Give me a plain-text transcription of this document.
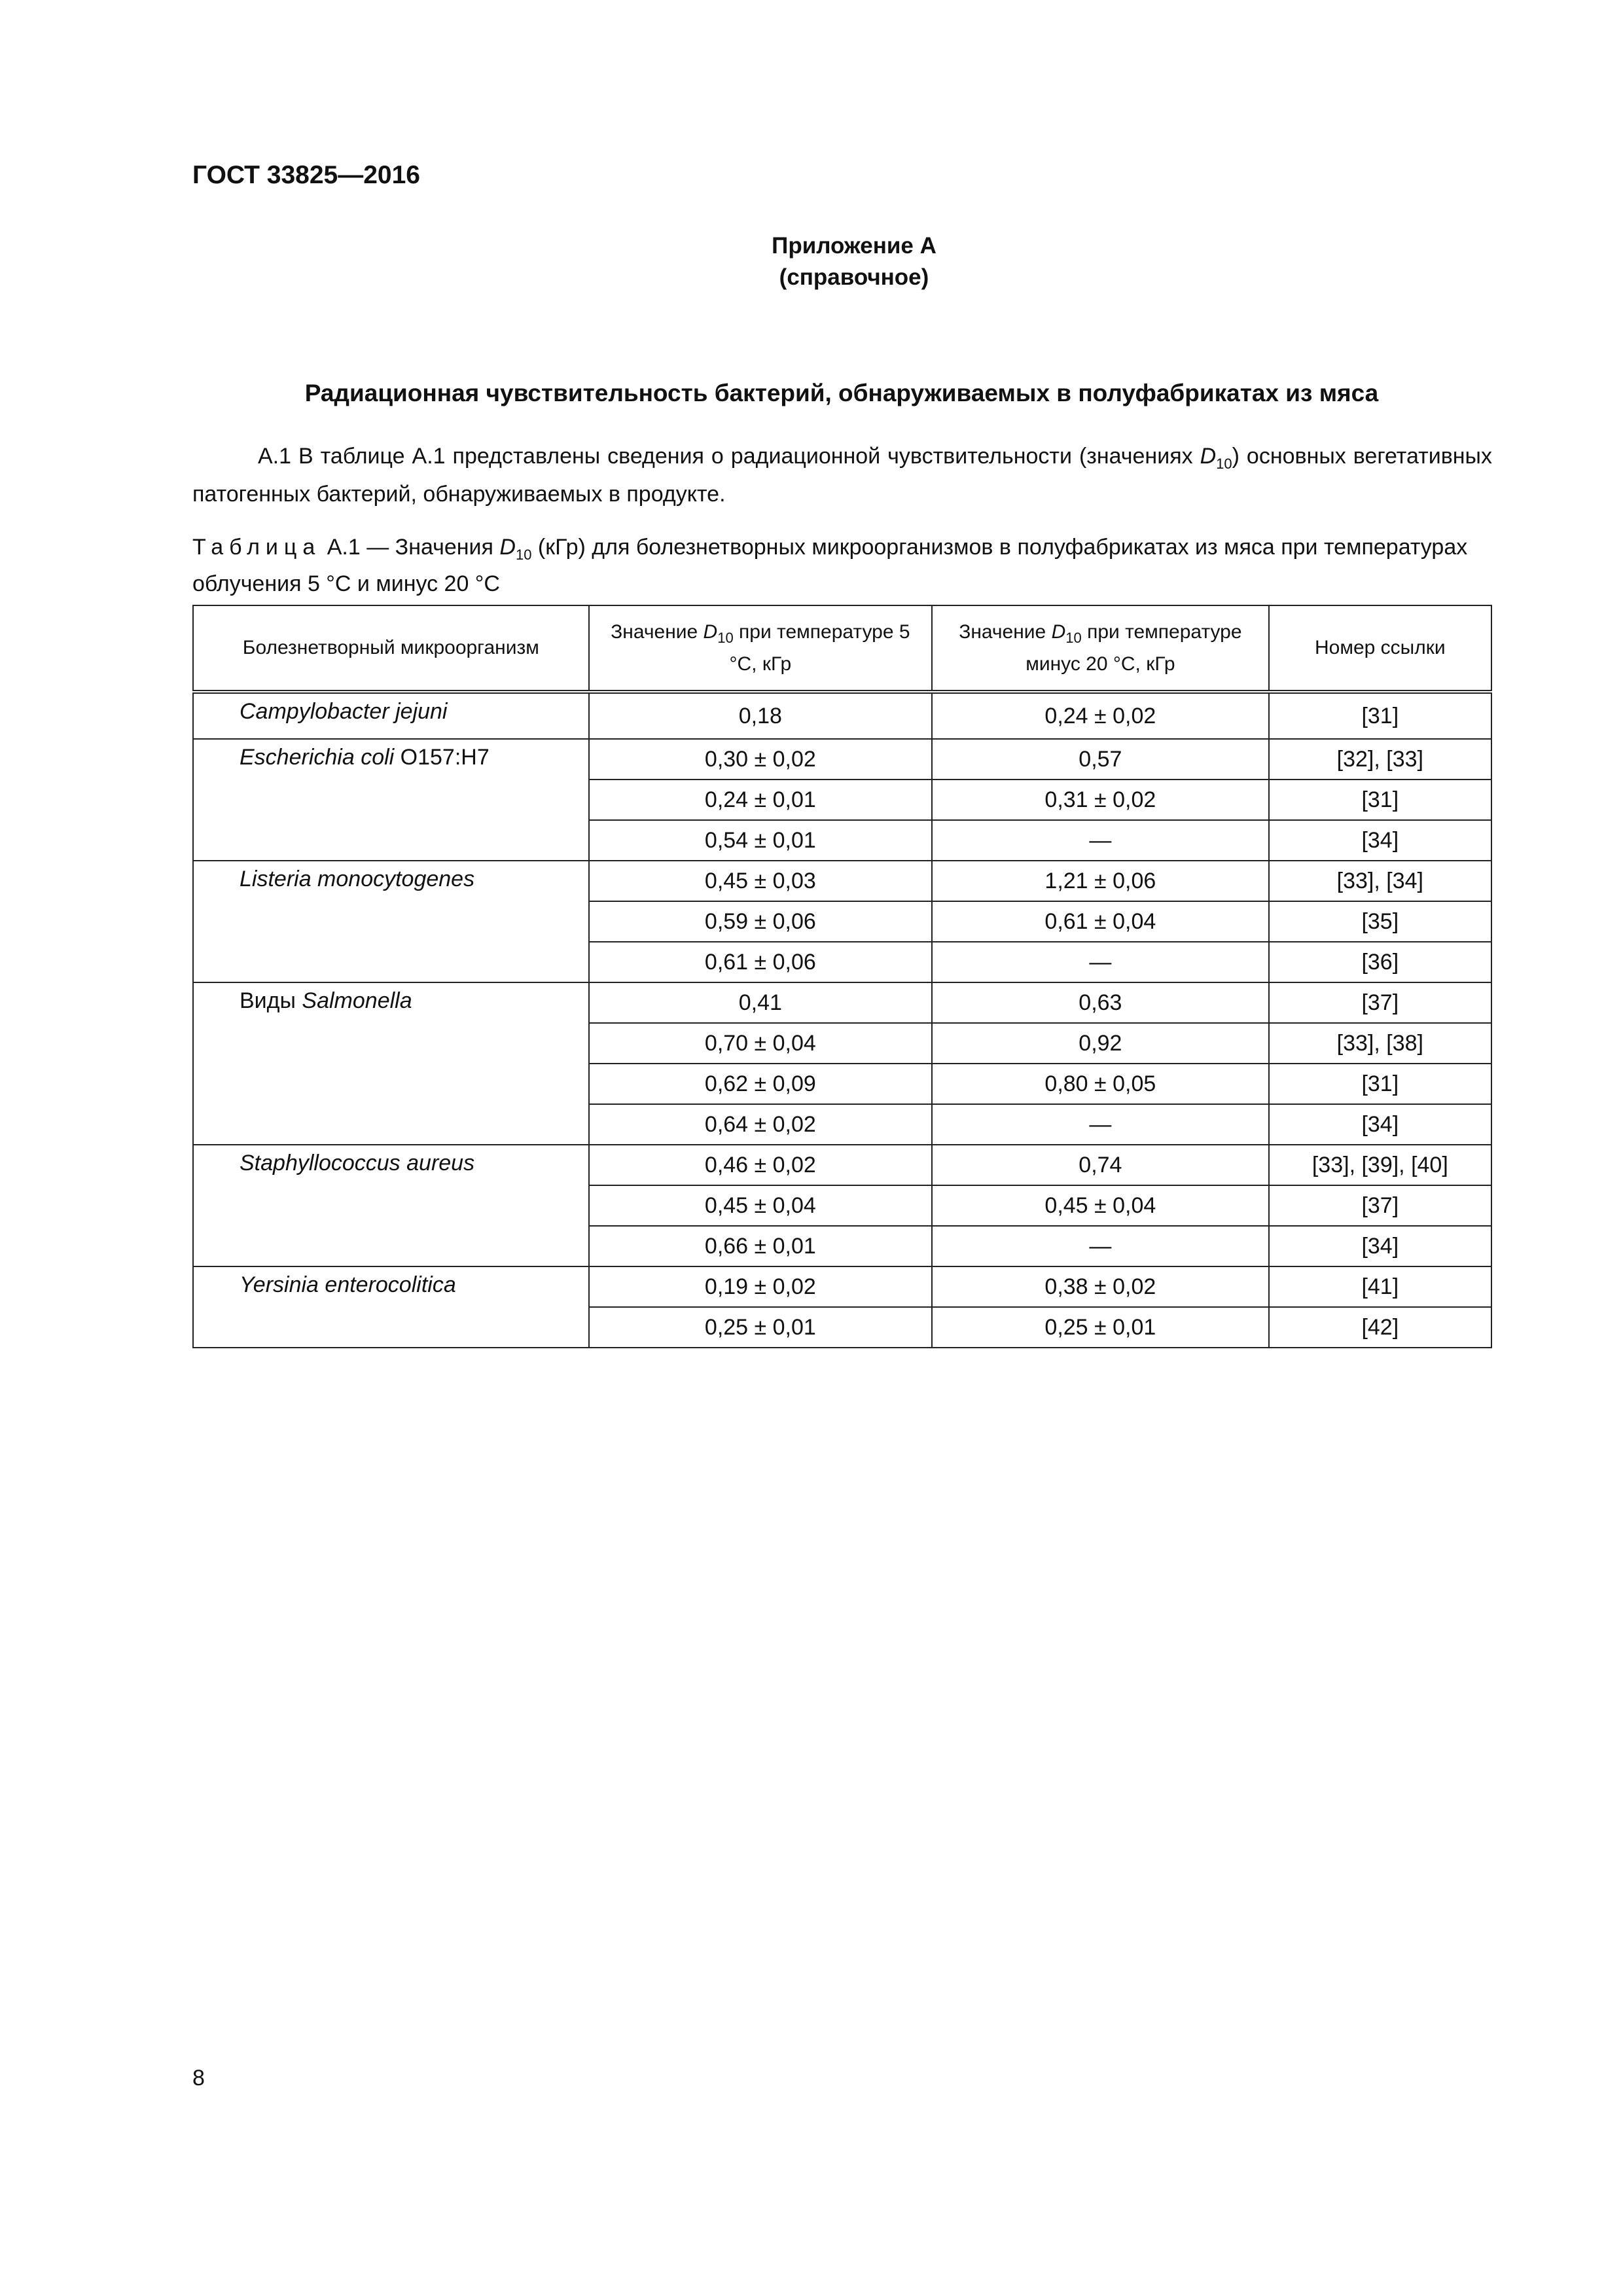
ГОСТ 33825—2016
Приложение А
(справочное)
Радиационная чувствительность бактерий, обнаруживаемых в полуфабрикатах из мяса
А.1 В таблице А.1 представлены сведения о радиационной чувствительности (значениях $D_{10}$) основных вегетативных патогенных бактерий, обнаруживаемых в продукте.
Таблица А.1 — Значения $D_{10}$ (кГр) для болезнетворных микроорганизмов в полуфабрикатах из мяса при температурах облучения 5 °С и минус 20 °С
Болезнетворный микроорганизм	Значение $D_{10}$ при температуре 5 °С, кГр	Значение $D_{10}$ при температуре минус 20 °С, кГр	Номер ссылки
Campylobacter jejuni	0,18	0,24 ± 0,02	[31]
Escherichia coli O157:H7	0,30 ± 0,02	0,57	[32], [33]
	0,24 ± 0,01	0,31 ± 0,02	[31]
	0,54 ± 0,01	—	[34]
Listeria monocytogenes	0,45 ± 0,03	1,21 ± 0,06	[33], [34]
	0,59 ± 0,06	0,61 ± 0,04	[35]
	0,61 ± 0,06	—	[36]
Виды Salmonella	0,41	0,63	[37]
	0,70 ± 0,04	0,92	[33], [38]
	0,62 ± 0,09	0,80 ± 0,05	[31]
	0,64 ± 0,02	—	[34]
Staphyllococcus aureus	0,46 ± 0,02	0,74	[33], [39], [40]
	0,45 ± 0,04	0,45 ± 0,04	[37]
	0,66 ± 0,01	—	[34]
Yersinia enterocolitica	0,19 ± 0,02	0,38 ± 0,02	[41]
	0,25 ± 0,01	0,25 ± 0,01	[42]
8
